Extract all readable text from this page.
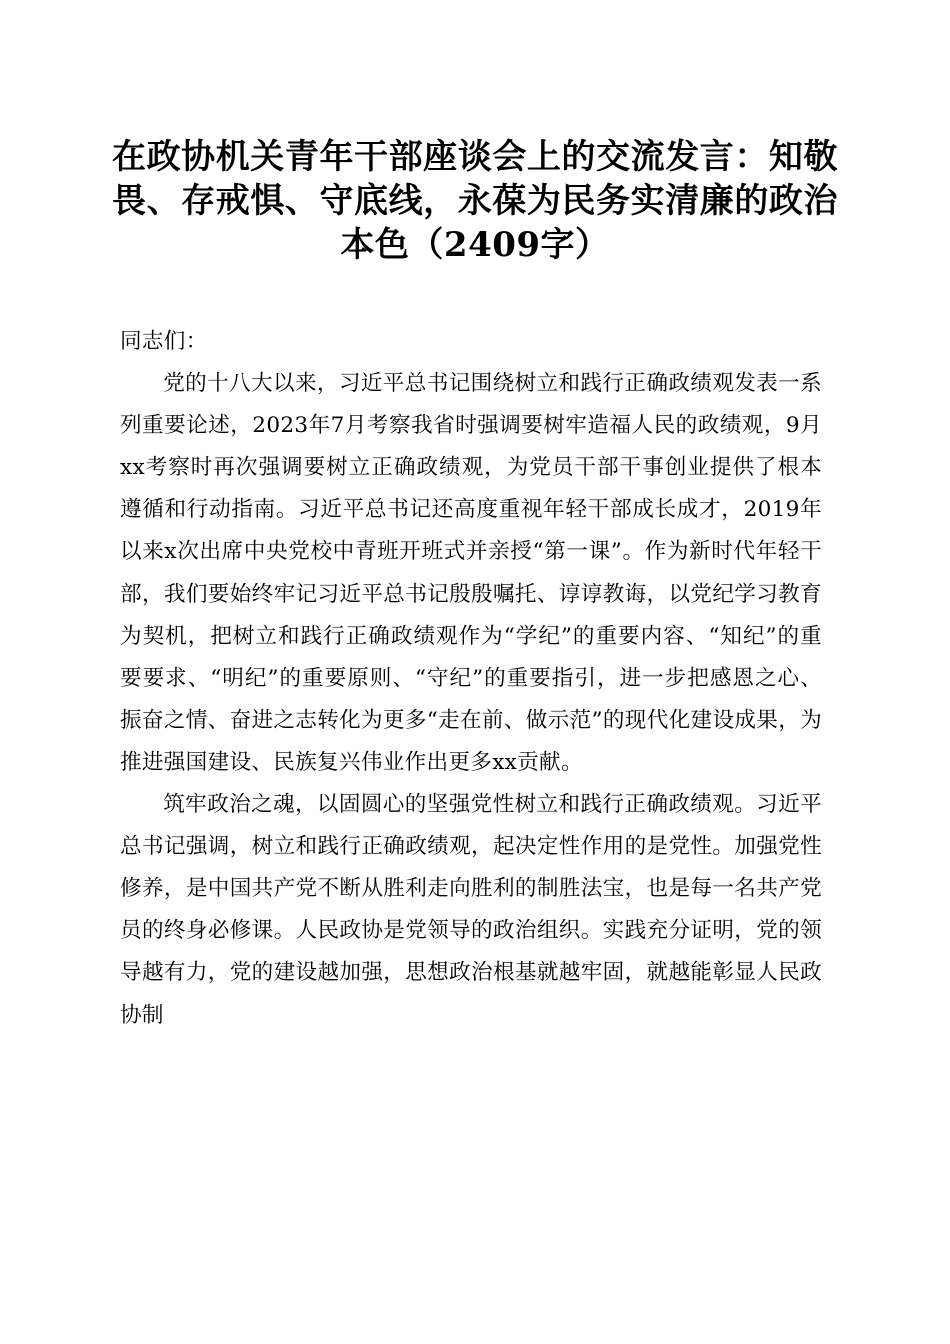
在政协机关青年干部座谈会上的交流发言：知敬畏、存戒惧、守底线，永葆为民务实清廉的政治本色（2409字）

同志们：

党的十八大以来，习近平总书记围绕树立和践行正确政绩观发表一系列重要论述，2023年7月考察我省时强调要树牢造福人民的政绩观，9月xx考察时再次强调要树立正确政绩观，为党员干部干事创业提供了根本遵循和行动指南。习近平总书记还高度重视年轻干部成长成才，2019年以来x次出席中央党校中青班开班式并亲授“第一课”。作为新时代年轻干部，我们要始终牢记习近平总书记殷殷嘱托、谆谆教诲，以党纪学习教育为契机，把树立和践行正确政绩观作为“学纪”的重要内容、“知纪”的重要要求、“明纪”的重要原则、“守纪”的重要指引，进一步把感恩之心、振奋之情、奋进之志转化为更多“走在前、做示范”的现代化建设成果，为推进强国建设、民族复兴伟业作出更多xx贡献。

筑牢政治之魂，以固圆心的坚强党性树立和践行正确政绩观。习近平总书记强调，树立和践行正确政绩观，起决定性作用的是党性。加强党性修养，是中国共产党不断从胜利走向胜利的制胜法宝，也是每一名共产党员的终身必修课。人民政协是党领导的政治组织。实践充分证明，党的领导越有力，党的建设越加强，思想政治根基就越牢固，就越能彰显人民政协制
